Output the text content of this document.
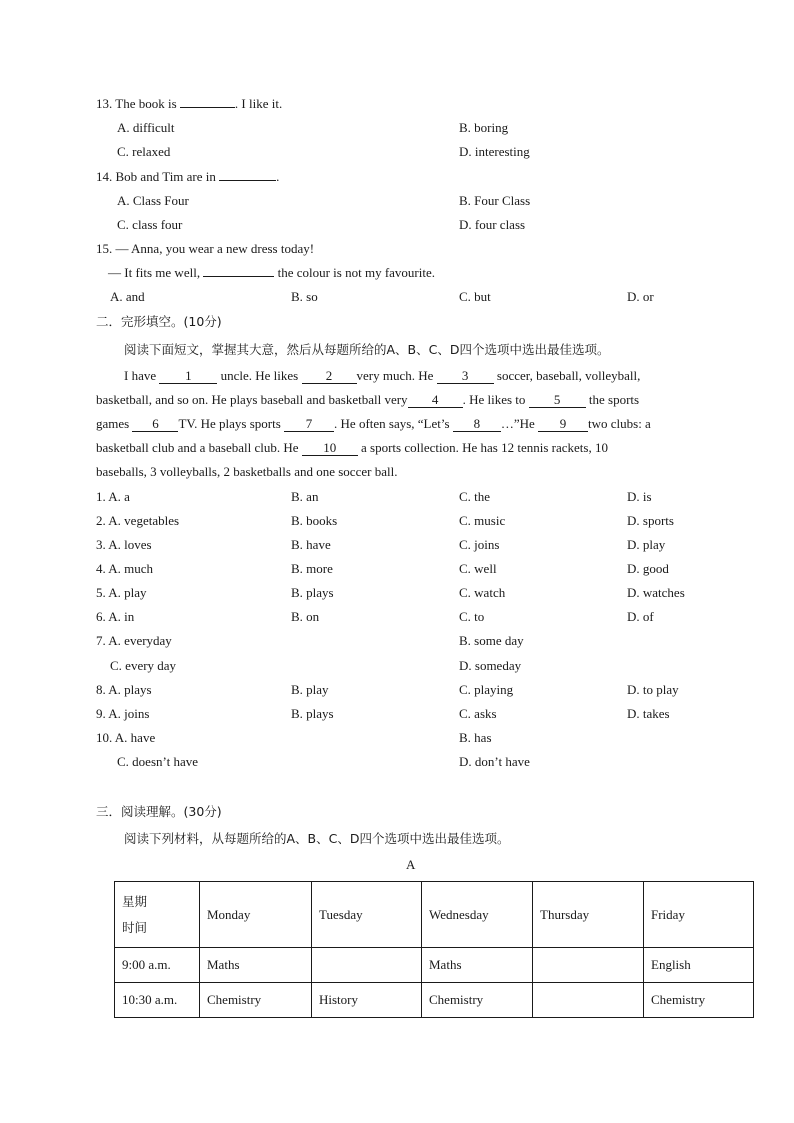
13. The book is	. I like it.
A. difficult	B. boring
C. relaxed	D. interesting
14. Bob and Tim are in	.
A. Class Four	B. Four Class
C. class four	D. four class
15. — Anna, you wear a new dress today!
— It fits me well,	the colour is not my favourite.
A. and	B. so	C. but	D. or
二．完形填空。(10分)
阅读下面短文，掌握其大意，然后从每题所给的A、B、C、D四个选项中选出最佳选项。
I have 1 uncle. He likes 2 very much. He 3 soccer, baseball, volleyball,
basketball, and so on. He plays baseball and basketball very 4 . He likes to 5 the sports
games 6 TV. He plays sports 7 . He often says, “Let’s 8 …”He 9 two clubs: a
basketball club and a baseball club. He 10 a sports collection. He has 12 tennis rackets, 10
baseballs, 3 volleyballs, 2 basketballs and one soccer ball.
1. A. a	B. an	C. the	D. is
2. A. vegetables	B. books	C. music	D. sports
3. A. loves	B. have	C. joins	D. play
4. A. much	B. more	C. well	D. good
5. A. play	B. plays	C. watch	D. watches
6. A. in	B. on	C. to	D. of
7. A. everyday	B. some day
C. every day	D. someday
8. A. plays	B. play	C. playing	D. to play
9. A. joins	B. plays	C. asks	D. takes
10. A. have	B. has
C. doesn’t have	D. don’t have
三．阅读理解。(30分)
阅读下列材料，从每题所给的A、B、C、D四个选项中选出最佳选项。
A
星期
时间	Monday	Tuesday	Wednesday	Thursday	Friday
9:00 a.m.	Maths		Maths		English
10:30 a.m.	Chemistry	History	Chemistry		Chemistry
